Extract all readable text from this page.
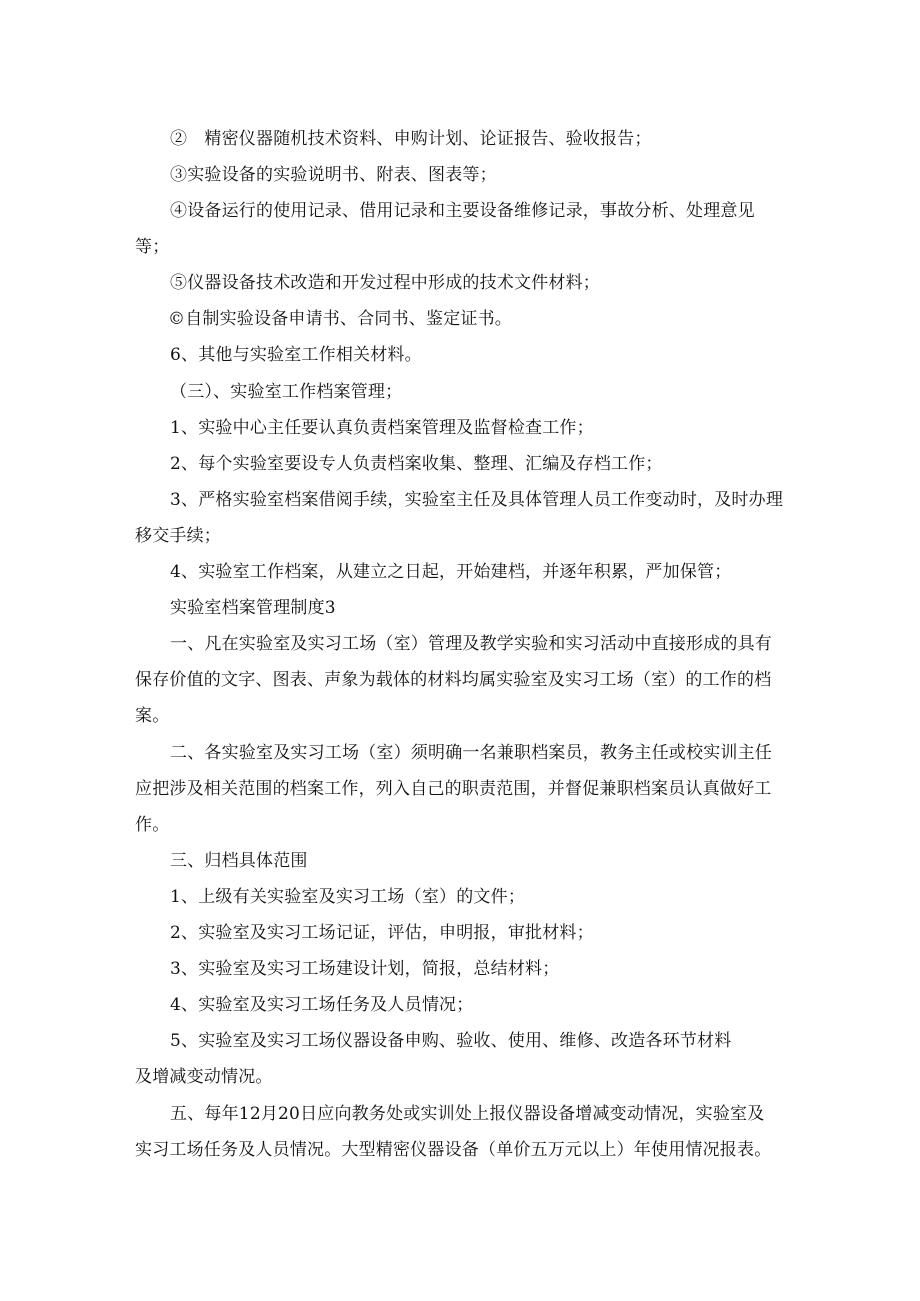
②　精密仪器随机技术资料、申购计划、论证报告、验收报告；
③实验设备的实验说明书、附表、图表等；
④设备运行的使用记录、借用记录和主要设备维修记录，事故分析、处理意见
等；
⑤仪器设备技术改造和开发过程中形成的技术文件材料；
©自制实验设备申请书、合同书、鉴定证书。
6、其他与实验室工作相关材料。
（三）、实验室工作档案管理；
1、实验中心主任要认真负责档案管理及监督检查工作；
2、每个实验室要设专人负责档案收集、整理、汇编及存档工作；
3、严格实验室档案借阅手续，实验室主任及具体管理人员工作变动时，及时办理
移交手续；
4、实验室工作档案，从建立之日起，开始建档，并逐年积累，严加保管；
实验室档案管理制度3
一、凡在实验室及实习工场（室）管理及教学实验和实习活动中直接形成的具有
保存价值的文字、图表、声象为载体的材料均属实验室及实习工场（室）的工作的档
案。
二、各实验室及实习工场（室）须明确一名兼职档案员，教务主任或校实训主任
应把涉及相关范围的档案工作，列入自己的职责范围，并督促兼职档案员认真做好工
作。
三、归档具体范围
1、上级有关实验室及实习工场（室）的文件；
2、实验室及实习工场记证，评估，申明报，审批材料；
3、实验室及实习工场建设计划，简报，总结材料；
4、实验室及实习工场任务及人员情况；
5、实验室及实习工场仪器设备申购、验收、使用、维修、改造各环节材料
及增减变动情况。
五、每年12月20日应向教务处或实训处上报仪器设备增减变动情况，实验室及
实习工场任务及人员情况。大型精密仪器设备（单价五万元以上）年使用情况报表。
